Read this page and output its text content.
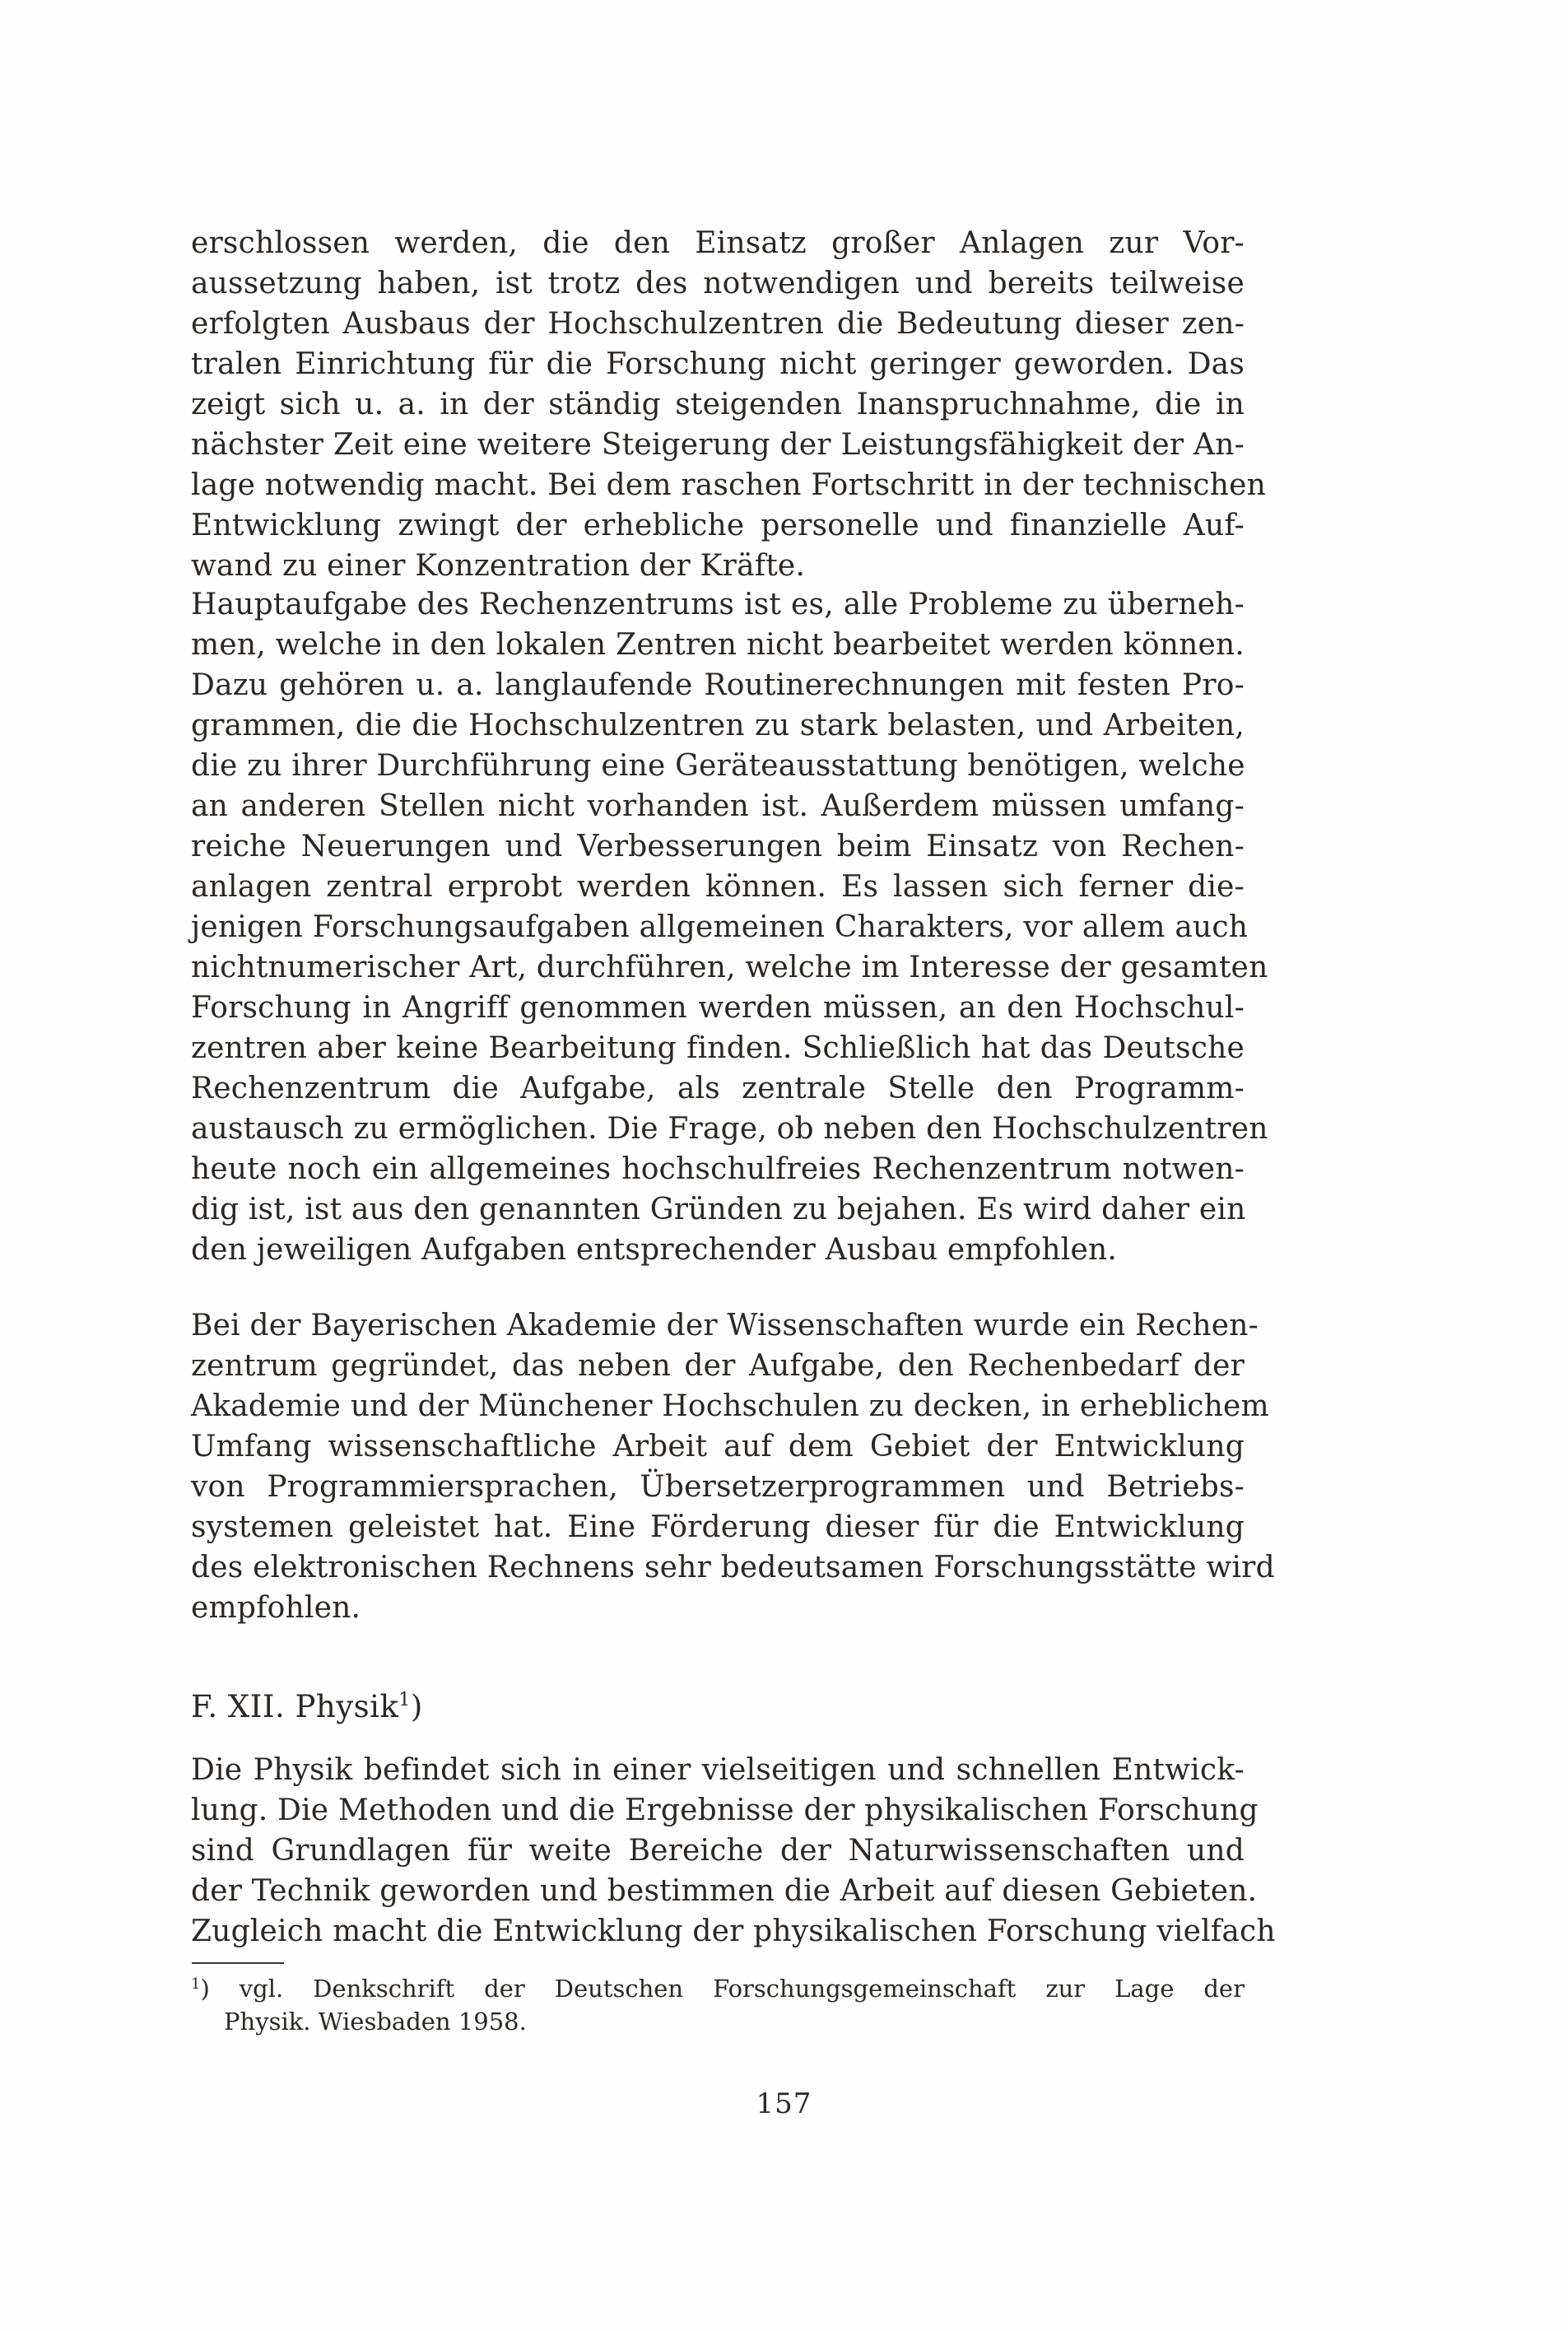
erschlossen werden, die den Einsatz großer Anlagen zur Vor-
aussetzung haben, ist trotz des notwendigen und bereits teilweise
erfolgten Ausbaus der Hochschulzentren die Bedeutung dieser zen-
tralen Einrichtung für die Forschung nicht geringer geworden. Das
zeigt sich u. a. in der ständig steigenden Inanspruchnahme, die in
nächster Zeit eine weitere Steigerung der Leistungsfähigkeit der An-
lage notwendig macht. Bei dem raschen Fortschritt in der technischen
Entwicklung zwingt der erhebliche personelle und finanzielle Auf-
wand zu einer Konzentration der Kräfte.
Hauptaufgabe des Rechenzentrums ist es, alle Probleme zu überneh-
men, welche in den lokalen Zentren nicht bearbeitet werden können.
Dazu gehören u. a. langlaufende Routinerechnungen mit festen Pro-
grammen, die die Hochschulzentren zu stark belasten, und Arbeiten,
die zu ihrer Durchführung eine Geräteausstattung benötigen, welche
an anderen Stellen nicht vorhanden ist. Außerdem müssen umfang-
reiche Neuerungen und Verbesserungen beim Einsatz von Rechen-
anlagen zentral erprobt werden können. Es lassen sich ferner die-
jenigen Forschungsaufgaben allgemeinen Charakters, vor allem auch
nichtnumerischer Art, durchführen, welche im Interesse der gesamten
Forschung in Angriff genommen werden müssen, an den Hochschul-
zentren aber keine Bearbeitung finden. Schließlich hat das Deutsche
Rechenzentrum die Aufgabe, als zentrale Stelle den Programm-
austausch zu ermöglichen. Die Frage, ob neben den Hochschulzentren
heute noch ein allgemeines hochschulfreies Rechenzentrum notwen-
dig ist, ist aus den genannten Gründen zu bejahen. Es wird daher ein
den jeweiligen Aufgaben entsprechender Ausbau empfohlen.
Bei der Bayerischen Akademie der Wissenschaften wurde ein Rechen-
zentrum gegründet, das neben der Aufgabe, den Rechenbedarf der
Akademie und der Münchener Hochschulen zu decken, in erheblichem
Umfang wissenschaftliche Arbeit auf dem Gebiet der Entwicklung
von Programmiersprachen, Übersetzerprogrammen und Betriebs-
systemen geleistet hat. Eine Förderung dieser für die Entwicklung
des elektronischen Rechnens sehr bedeutsamen Forschungsstätte wird
empfohlen.
F. XII. Physik$^1$)
Die Physik befindet sich in einer vielseitigen und schnellen Entwick-
lung. Die Methoden und die Ergebnisse der physikalischen Forschung
sind Grundlagen für weite Bereiche der Naturwissenschaften und
der Technik geworden und bestimmen die Arbeit auf diesen Gebieten.
Zugleich macht die Entwicklung der physikalischen Forschung vielfach
$^1$) vgl. Denkschrift der Deutschen Forschungsgemeinschaft zur Lage der
Physik. Wiesbaden 1958.
157
